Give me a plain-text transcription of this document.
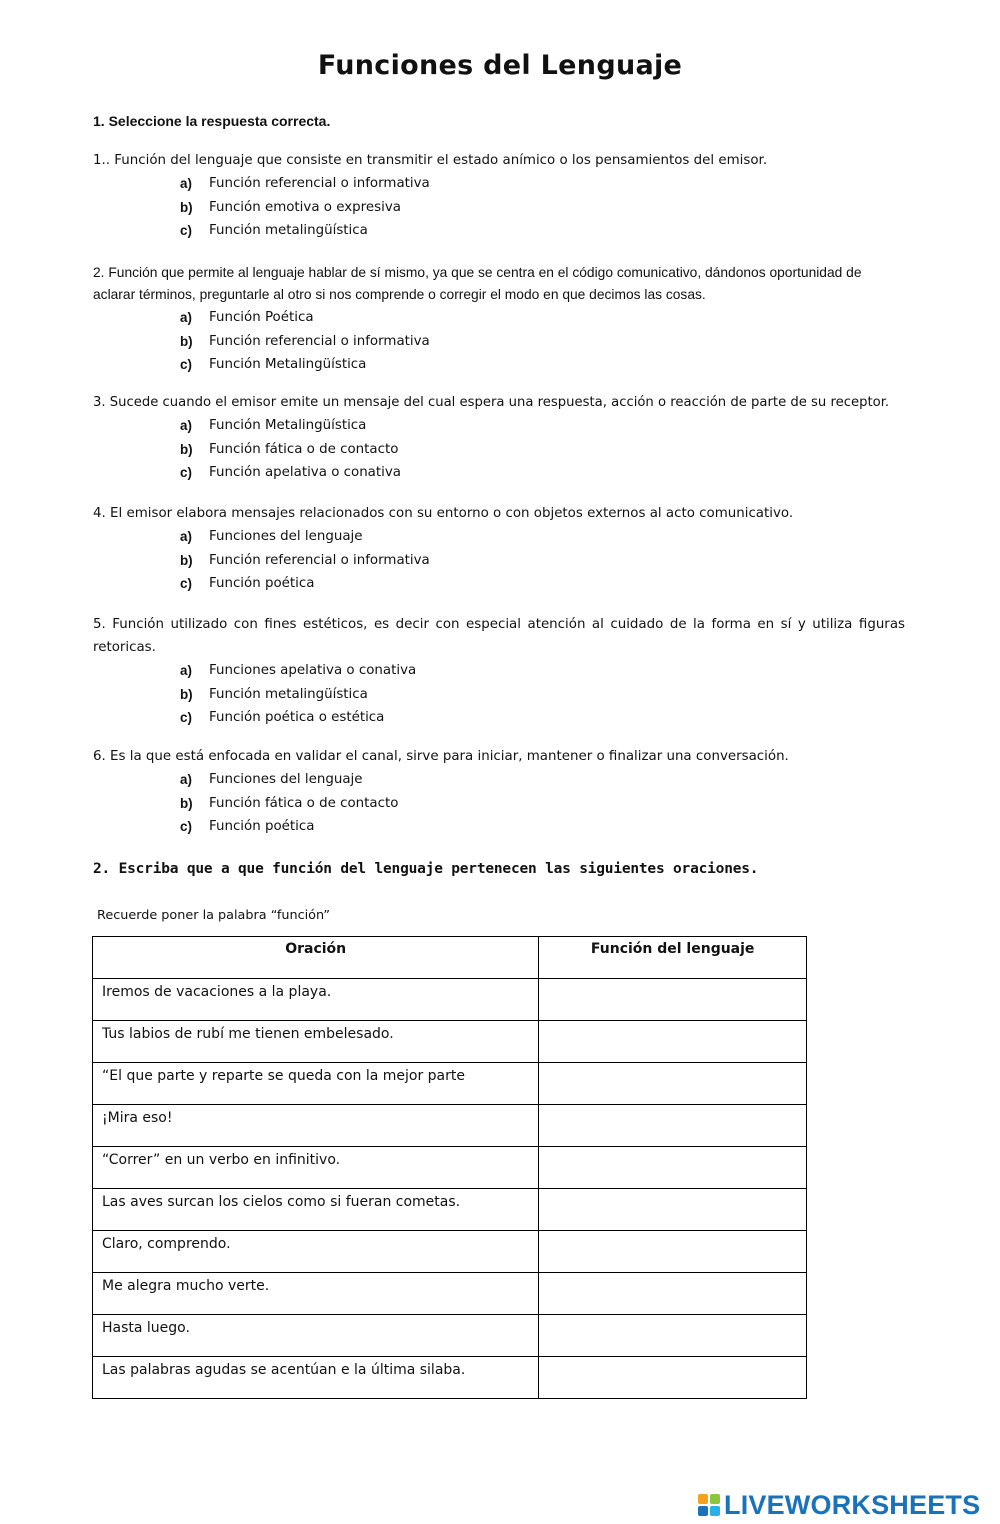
Funciones del Lenguaje

1. Seleccione la respuesta correcta.

1.. Función del lenguaje que consiste en transmitir el estado anímico o los pensamientos del emisor.

a) Función referencial o informativa
b) Función emotiva o expresiva
c) Función metalingüística

2. Función que permite al lenguaje hablar de sí mismo, ya que se centra en el código comunicativo, dándonos oportunidad de aclarar términos, preguntarle al otro si nos comprende o corregir el modo en que decimos las cosas.

a) Función Poética
b) Función referencial o informativa
c) Función Metalingüística

3. Sucede cuando el emisor emite un mensaje del cual espera una respuesta, acción o reacción de parte de su receptor.

a) Función Metalingüística
b) Función fática o de contacto
c) Función apelativa o conativa

4. El emisor elabora mensajes relacionados con su entorno o con objetos externos al acto comunicativo.

a) Funciones del lenguaje
b) Función referencial o informativa
c) Función poética

5. Función utilizado con fines estéticos, es decir con especial atención al cuidado de la forma en sí y utiliza figuras retoricas.

a) Funciones apelativa o conativa
b) Función metalingüística
c) Función poética o estética

6. Es la que está enfocada en validar el canal, sirve para iniciar, mantener o finalizar una conversación.

a) Funciones del lenguaje
b) Función fática o de contacto
c) Función poética

2. Escriba que a que función del lenguaje pertenecen las siguientes oraciones.

Recuerde poner la palabra “función”

Oración	Función del lenguaje
Iremos de vacaciones a la playa.	
Tus labios de rubí me tienen embelesado.	
“El que parte y reparte se queda con la mejor parte	
¡Mira eso!	
“Correr” en un verbo en infinitivo.	
Las aves surcan los cielos como si fueran cometas.	
Claro, comprendo.	
Me alegra mucho verte.	
Hasta luego.	
Las palabras agudas se acentúan e la última silaba.	
LIVEWORKSHEETS
